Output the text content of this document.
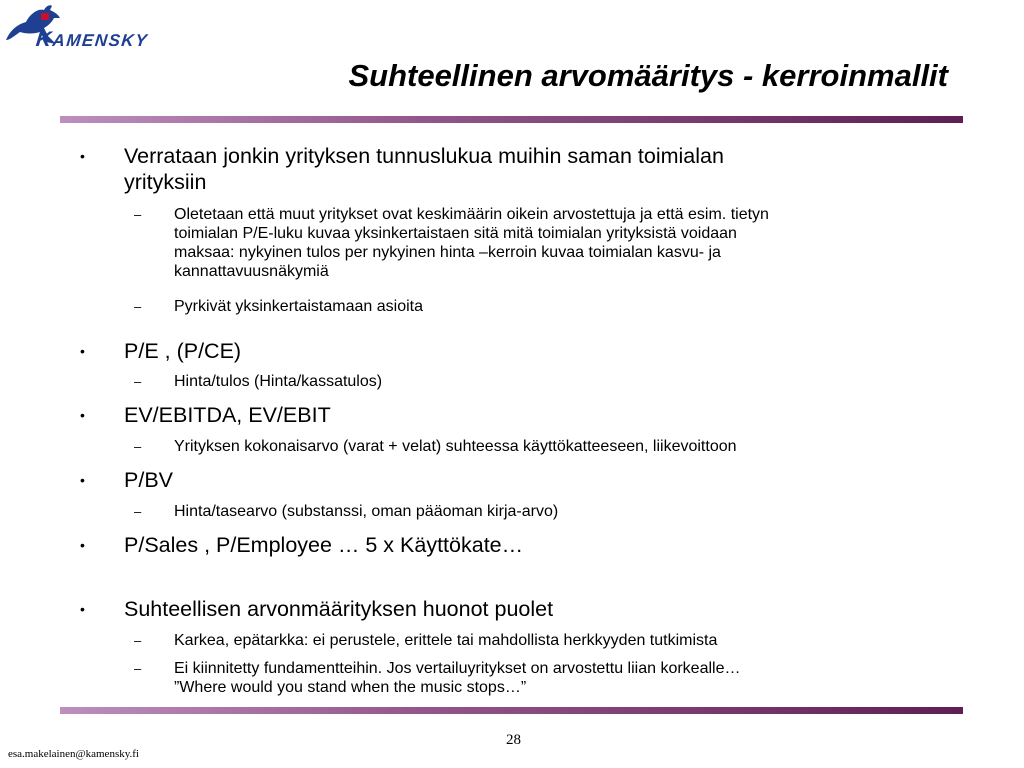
KAMENSKY
Suhteellinen arvomääritys - kerroinmallit
•	Verrataan jonkin yrityksen tunnuslukua muihin saman toimialan
yrityksiin
–	Oletetaan että muut yritykset ovat keskimäärin oikein arvostettuja ja että esim. tietyn
toimialan P/E-luku kuvaa yksinkertaistaen sitä mitä toimialan yrityksistä voidaan
maksaa: nykyinen tulos per nykyinen hinta –kerroin kuvaa toimialan kasvu- ja
kannattavuusnäkymiä
–	Pyrkivät yksinkertaistamaan asioita
•	P/E , (P/CE)
–	Hinta/tulos (Hinta/kassatulos)
•	EV/EBITDA, EV/EBIT
–	Yrityksen kokonaisarvo (varat + velat) suhteessa käyttökatteeseen, liikevoittoon
•	P/BV
–	Hinta/tasearvo (substanssi, oman pääoman kirja-arvo)
•	P/Sales , P/Employee … 5 x Käyttökate…
•	Suhteellisen arvonmäärityksen huonot puolet
–	Karkea, epätarkka: ei perustele, erittele tai mahdollista herkkyyden tutkimista
–	Ei kiinnitetty fundamentteihin. Jos vertailuyritykset on arvostettu liian korkealle…
”Where would you stand when the music stops…”
28
esa.makelainen@kamensky.fi
